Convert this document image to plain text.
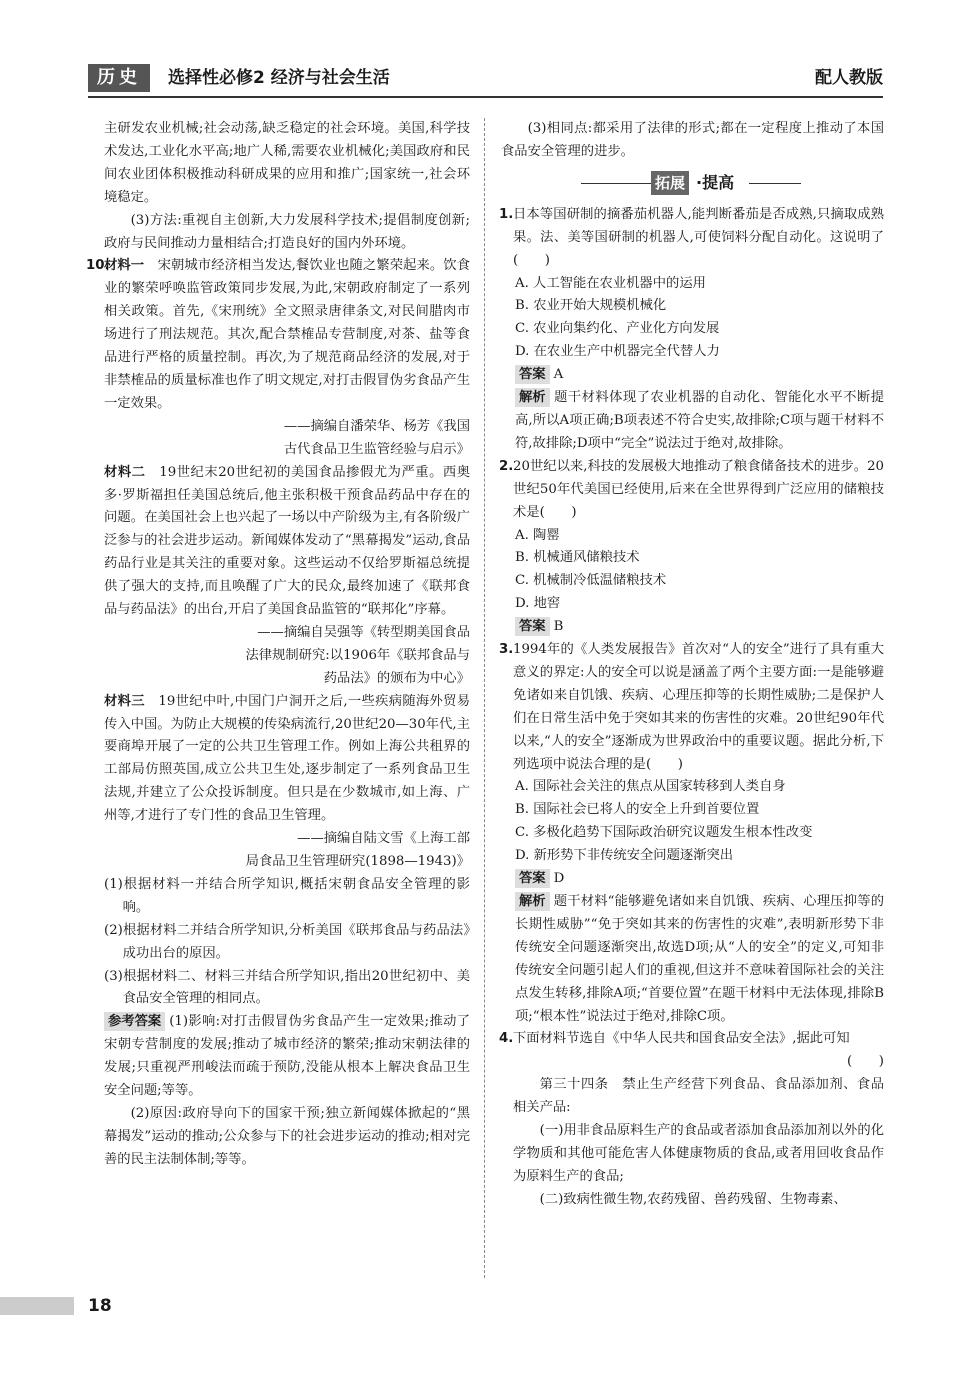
历史	选择性必修2 经济与社会生活	配人教版

主研发农业机械;社会动荡,缺乏稳定的社会环境。美国,科学技术发达,工业化水平高;地广人稀,需要农业机械化;美国政府和民间农业团体积极推动科研成果的应用和推广;国家统一,社会环境稳定。

(3)方法:重视自主创新,大力发展科学技术;提倡制度创新;政府与民间推动力量相结合;打造良好的国内外环境。

10.

材料一　 宋朝城市经济相当发达,餐饮业也随之繁荣起来。饮食业的繁荣呼唤监管政策同步发展,为此,宋朝政府制定了一系列相关政策。首先,《宋刑统》全文照录唐律条文,对民间腊肉市场进行了刑法规范。其次,配合禁榷品专营制度,对茶、盐等食品进行严格的质量控制。再次,为了规范商品经济的发展,对于非禁榷品的质量标准也作了明文规定,对打击假冒伪劣食品产生一定效果。

——摘编自潘荣华、杨芳《我国

古代食品卫生监管经验与启示》

材料二　 19世纪末20世纪初的美国食品掺假尤为严重。西奥多·罗斯福担任美国总统后,他主张积极干预食品药品中存在的问题。在美国社会上也兴起了一场以中产阶级为主,有各阶级广泛参与的社会进步运动。新闻媒体发动了“黑幕揭发”运动,食品药品行业是其关注的重要对象。这些运动不仅给罗斯福总统提供了强大的支持,而且唤醒了广大的民众,最终加速了《联邦食品与药品法》的出台,开启了美国食品监管的“联邦化”序幕。

——摘编自吴强等《转型期美国食品

法律规制研究:以1906年《联邦食品与

药品法》的颁布为中心》

材料三　 19世纪中叶,中国门户洞开之后,一些疾病随海外贸易传入中国。为防止大规模的传染病流行,20世纪20—30年代,主要商埠开展了一定的公共卫生管理工作。例如上海公共租界的工部局仿照英国,成立公共卫生处,逐步制定了一系列食品卫生法规,并建立了公众投诉制度。但只是在少数城市,如上海、广州等,才进行了专门性的食品卫生管理。

——摘编自陆文雪《上海工部

局食品卫生管理研究(1898—1943)》

(1)根据材料一并结合所学知识,概括宋朝食品安全管理的影响。

(2)根据材料二并结合所学知识,分析美国《联邦食品与药品法》成功出台的原因。

(3)根据材料二、材料三并结合所学知识,指出20世纪初中、美食品安全管理的相同点。

参考答案 (1)影响:对打击假冒伪劣食品产生一定效果;推动了宋朝专营制度的发展;推动了城市经济的繁荣;推动宋朝法律的发展;只重视严刑峻法而疏于预防,没能从根本上解决食品卫生安全问题;等等。

(2)原因:政府导向下的国家干预;独立新闻媒体掀起的“黑幕揭发”运动的推动;公众参与下的社会进步运动的推动;相对完善的民主法制体制;等等。

(3)相同点:都采用了法律的形式;都在一定程度上推动了本国食品安全管理的进步。

拓展 ·提高
1. 日本等国研制的摘番茄机器人,能判断番茄是否成熟,只摘取成熟果。法、美等国研制的机器人,可使饲料分配自动化。这说明了(　　)

A. 人工智能在农业机器中的运用

B. 农业开始大规模机械化

C. 农业向集约化、产业化方向发展

D. 在农业生产中机器完全代替人力

答案 A

解析 题干材料体现了农业机器的自动化、智能化水平不断提高,所以A项正确;B项表述不符合史实,故排除;C项与题干材料不符,故排除;D项中“完全”说法过于绝对,故排除。

2. 20世纪以来,科技的发展极大地推动了粮食储备技术的进步。20世纪50年代美国已经使用,后来在全世界得到广泛应用的储粮技术是(　　)

A. 陶罂

B. 机械通风储粮技术

C. 机械制冷低温储粮技术

D. 地窖

答案 B

3. 1994年的《人类发展报告》首次对“人的安全”进行了具有重大意义的界定:人的安全可以说是涵盖了两个主要方面:一是能够避免诸如来自饥饿、疾病、心理压抑等的长期性威胁;二是保护人们在日常生活中免于突如其来的伤害性的灾难。20世纪90年代以来,“人的安全”逐渐成为世界政治中的重要议题。据此分析,下列选项中说法合理的是(　　)

A. 国际社会关注的焦点从国家转移到人类自身

B. 国际社会已将人的安全上升到首要位置

C. 多极化趋势下国际政治研究议题发生根本性改变

D. 新形势下非传统安全问题逐渐突出

答案 D

解析 题干材料“能够避免诸如来自饥饿、疾病、心理压抑等的长期性威胁”“免于突如其来的伤害性的灾难”,表明新形势下非传统安全问题逐渐突出,故选D项;从“人的安全”的定义,可知非传统安全问题引起人们的重视,但这并不意味着国际社会的关注点发生转移,排除A项;“首要位置”在题干材料中无法体现,排除B项;“根本性”说法过于绝对,排除C项。

4. 下面材料节选自《中华人民共和国食品安全法》,据此可知

(　　)

第三十四条　禁止生产经营下列食品、食品添加剂、食品相关产品:

(一)用非食品原料生产的食品或者添加食品添加剂以外的化学物质和其他可能危害人体健康物质的食品,或者用回收食品作为原料生产的食品;

(二)致病性微生物,农药残留、兽药残留、生物毒素、

18
